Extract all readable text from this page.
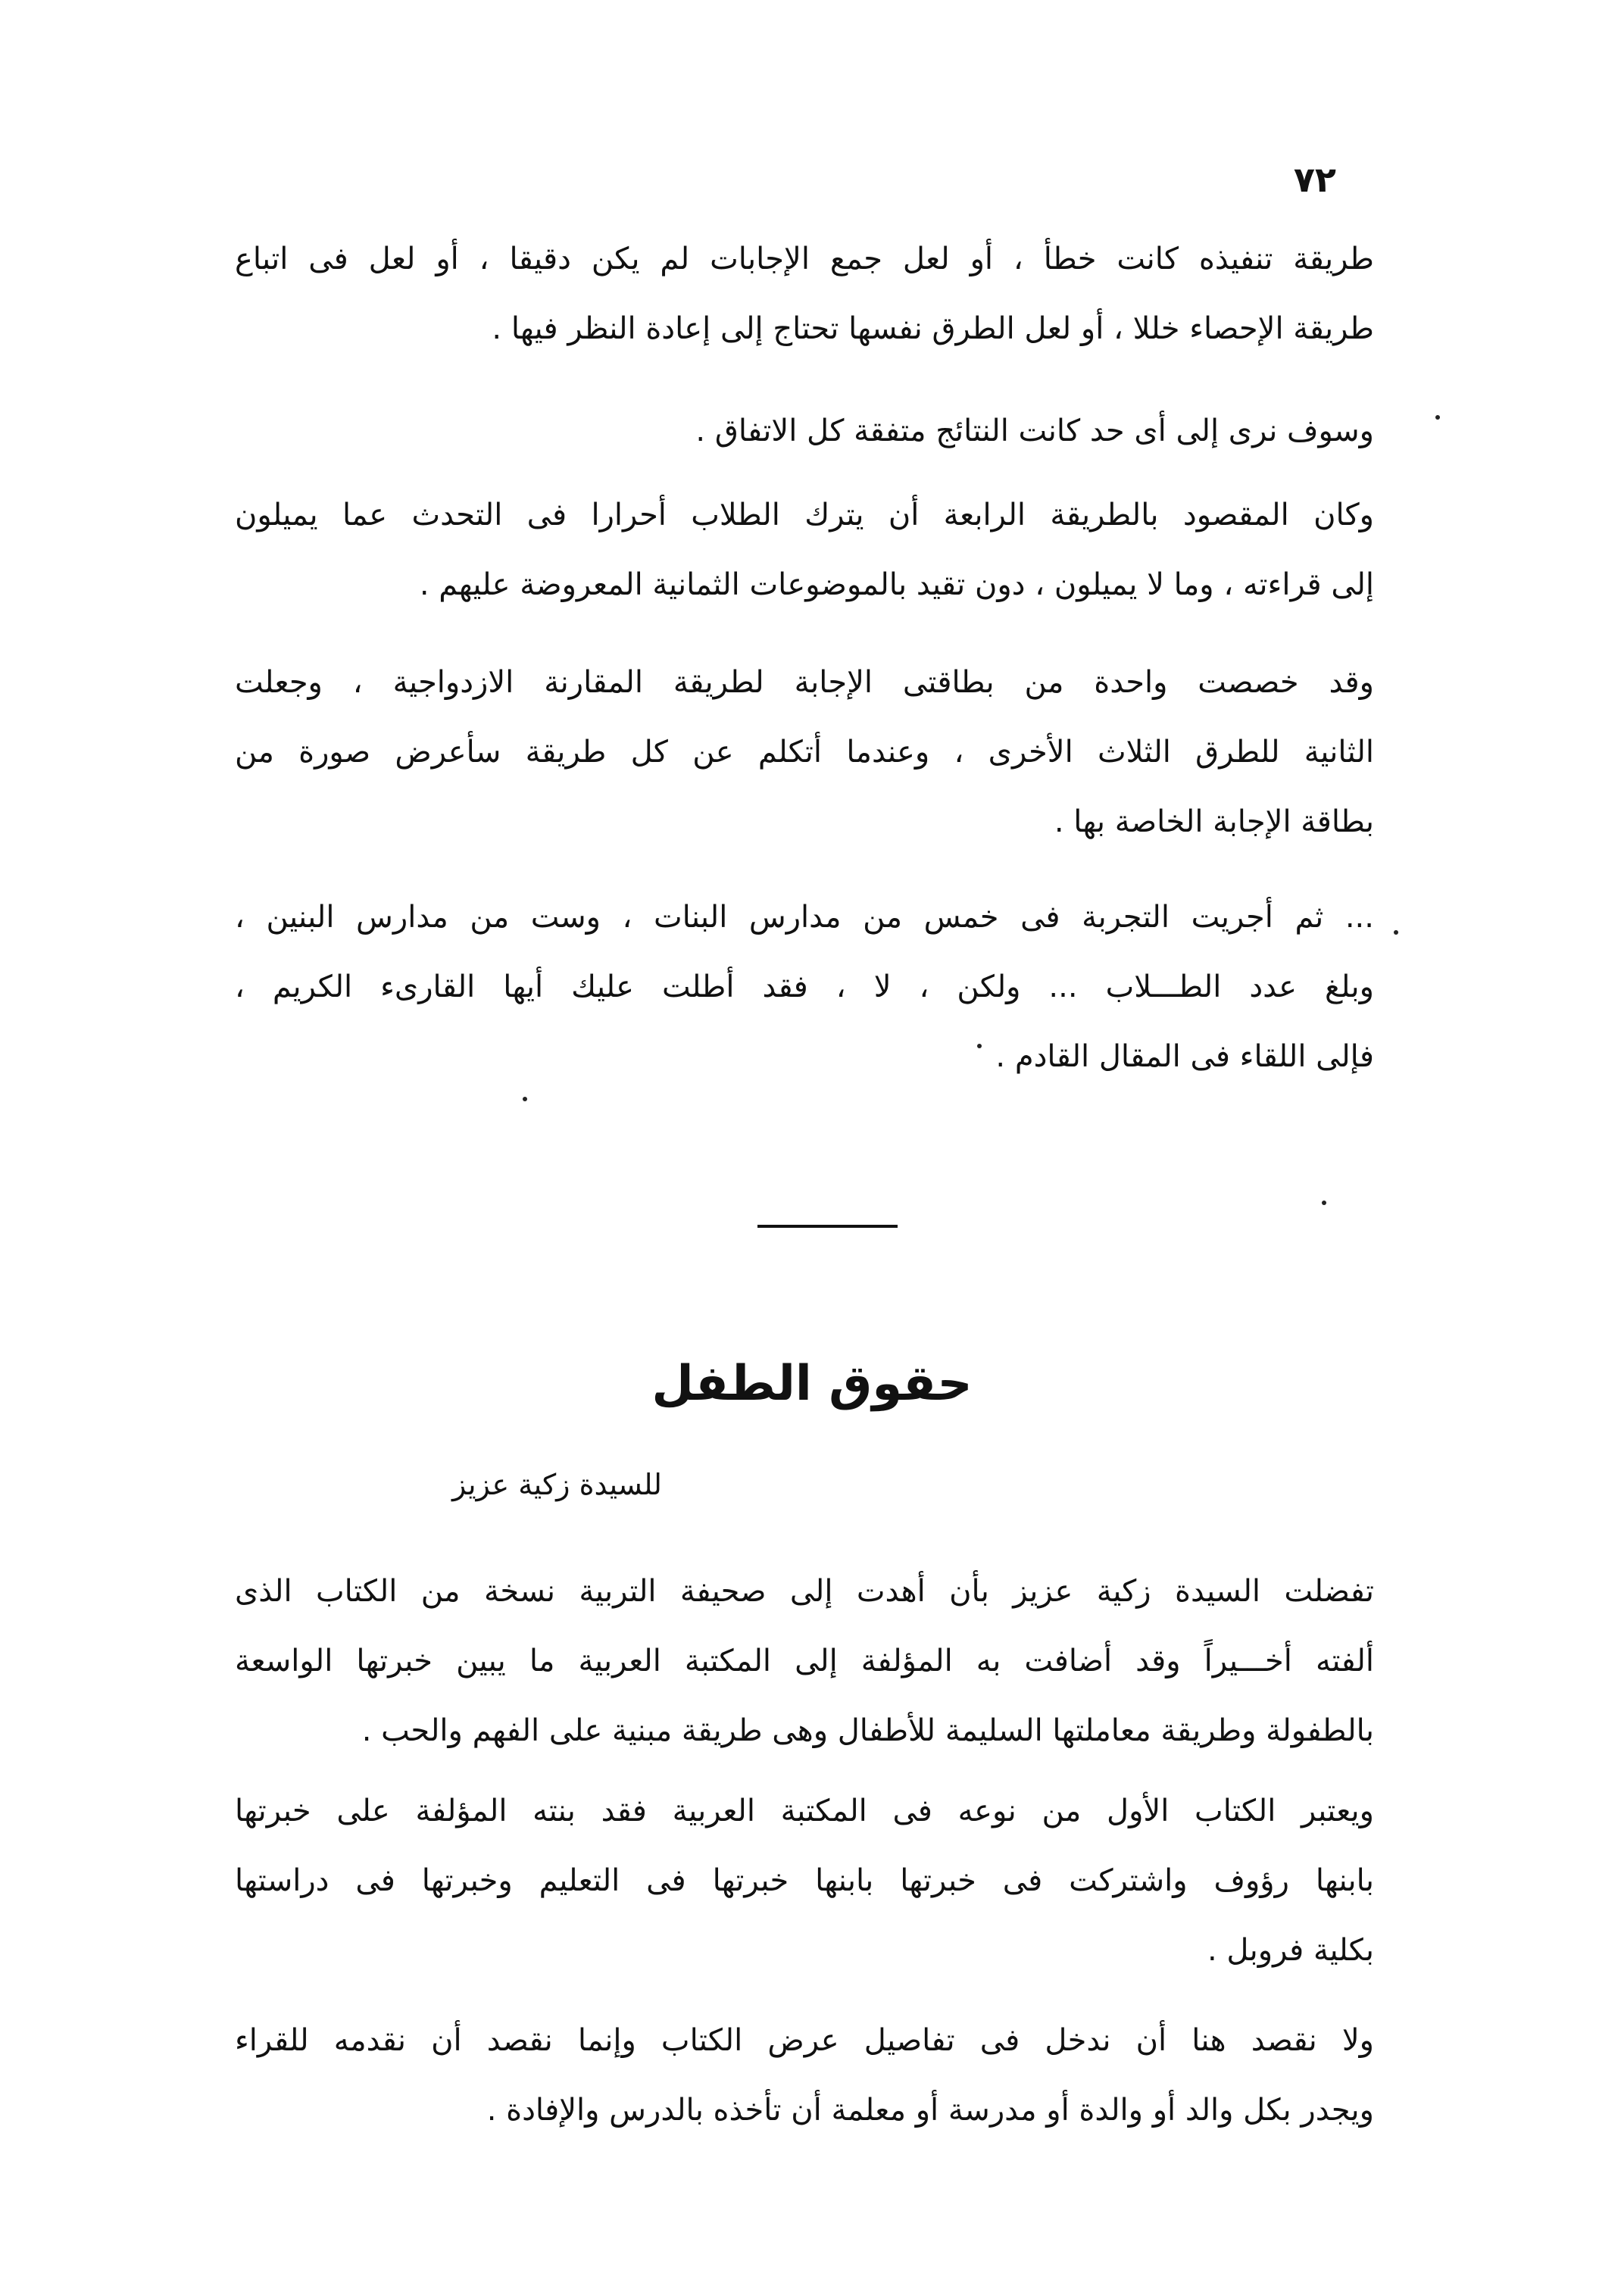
٧٢
طريقة تنفيذه كانت خطأ ، أو لعل جمع الإجابات لم يكن دقيقا ، أو لعل فى اتباع
طريقة الإحصاء خللا ، أو لعل الطرق نفسها تحتاج إلى إعادة النظر فيها .
وسوف نرى إلى أى حد كانت النتائج متفقة كل الاتفاق .
وكان المقصود بالطريقة الرابعة أن يترك الطلاب أحرارا فى التحدث عما يميلون
إلى قراءته ، وما لا يميلون ، دون تقيد بالموضوعات الثمانية المعروضة عليهم .
وقد خصصت واحدة من بطاقتى الإجابة لطريقة المقارنة الازدواجية ، وجعلت
الثانية للطرق الثلاث الأخرى ، وعندما أتكلم عن كل طريقة سأعرض صورة من
بطاقة الإجابة الخاصة بها .
... ثم أجريت التجربة فى خمس من مدارس البنات ، وست من مدارس البنين ،
وبلغ عدد الطـــلاب ... ولكن ، لا ، فقد أطلت عليك أيها القارىء الكريم ،
فإلى اللقاء فى المقال القادم .
حقوق الطفل
للسيدة زكية عزيز
تفضلت السيدة زكية عزيز بأن أهدت إلى صحيفة التربية نسخة من الكتاب الذى
ألفته أخـــيراً وقد أضافت به المؤلفة إلى المكتبة العربية ما يبين خبرتها الواسعة
بالطفولة وطريقة معاملتها السليمة للأطفال وهى طريقة مبنية على الفهم والحب .
ويعتبر الكتاب الأول من نوعه فى المكتبة العربية فقد بنته المؤلفة على خبرتها
بابنها رؤوف واشتركت فى خبرتها بابنها خبرتها فى التعليم وخبرتها فى دراستها
بكلية فروبل .
ولا نقصد هنا أن ندخل فى تفاصيل عرض الكتاب وإنما نقصد أن نقدمه للقراء
ويجدر بكل والد أو والدة أو مدرسة أو معلمة أن تأخذه بالدرس والإفادة .
